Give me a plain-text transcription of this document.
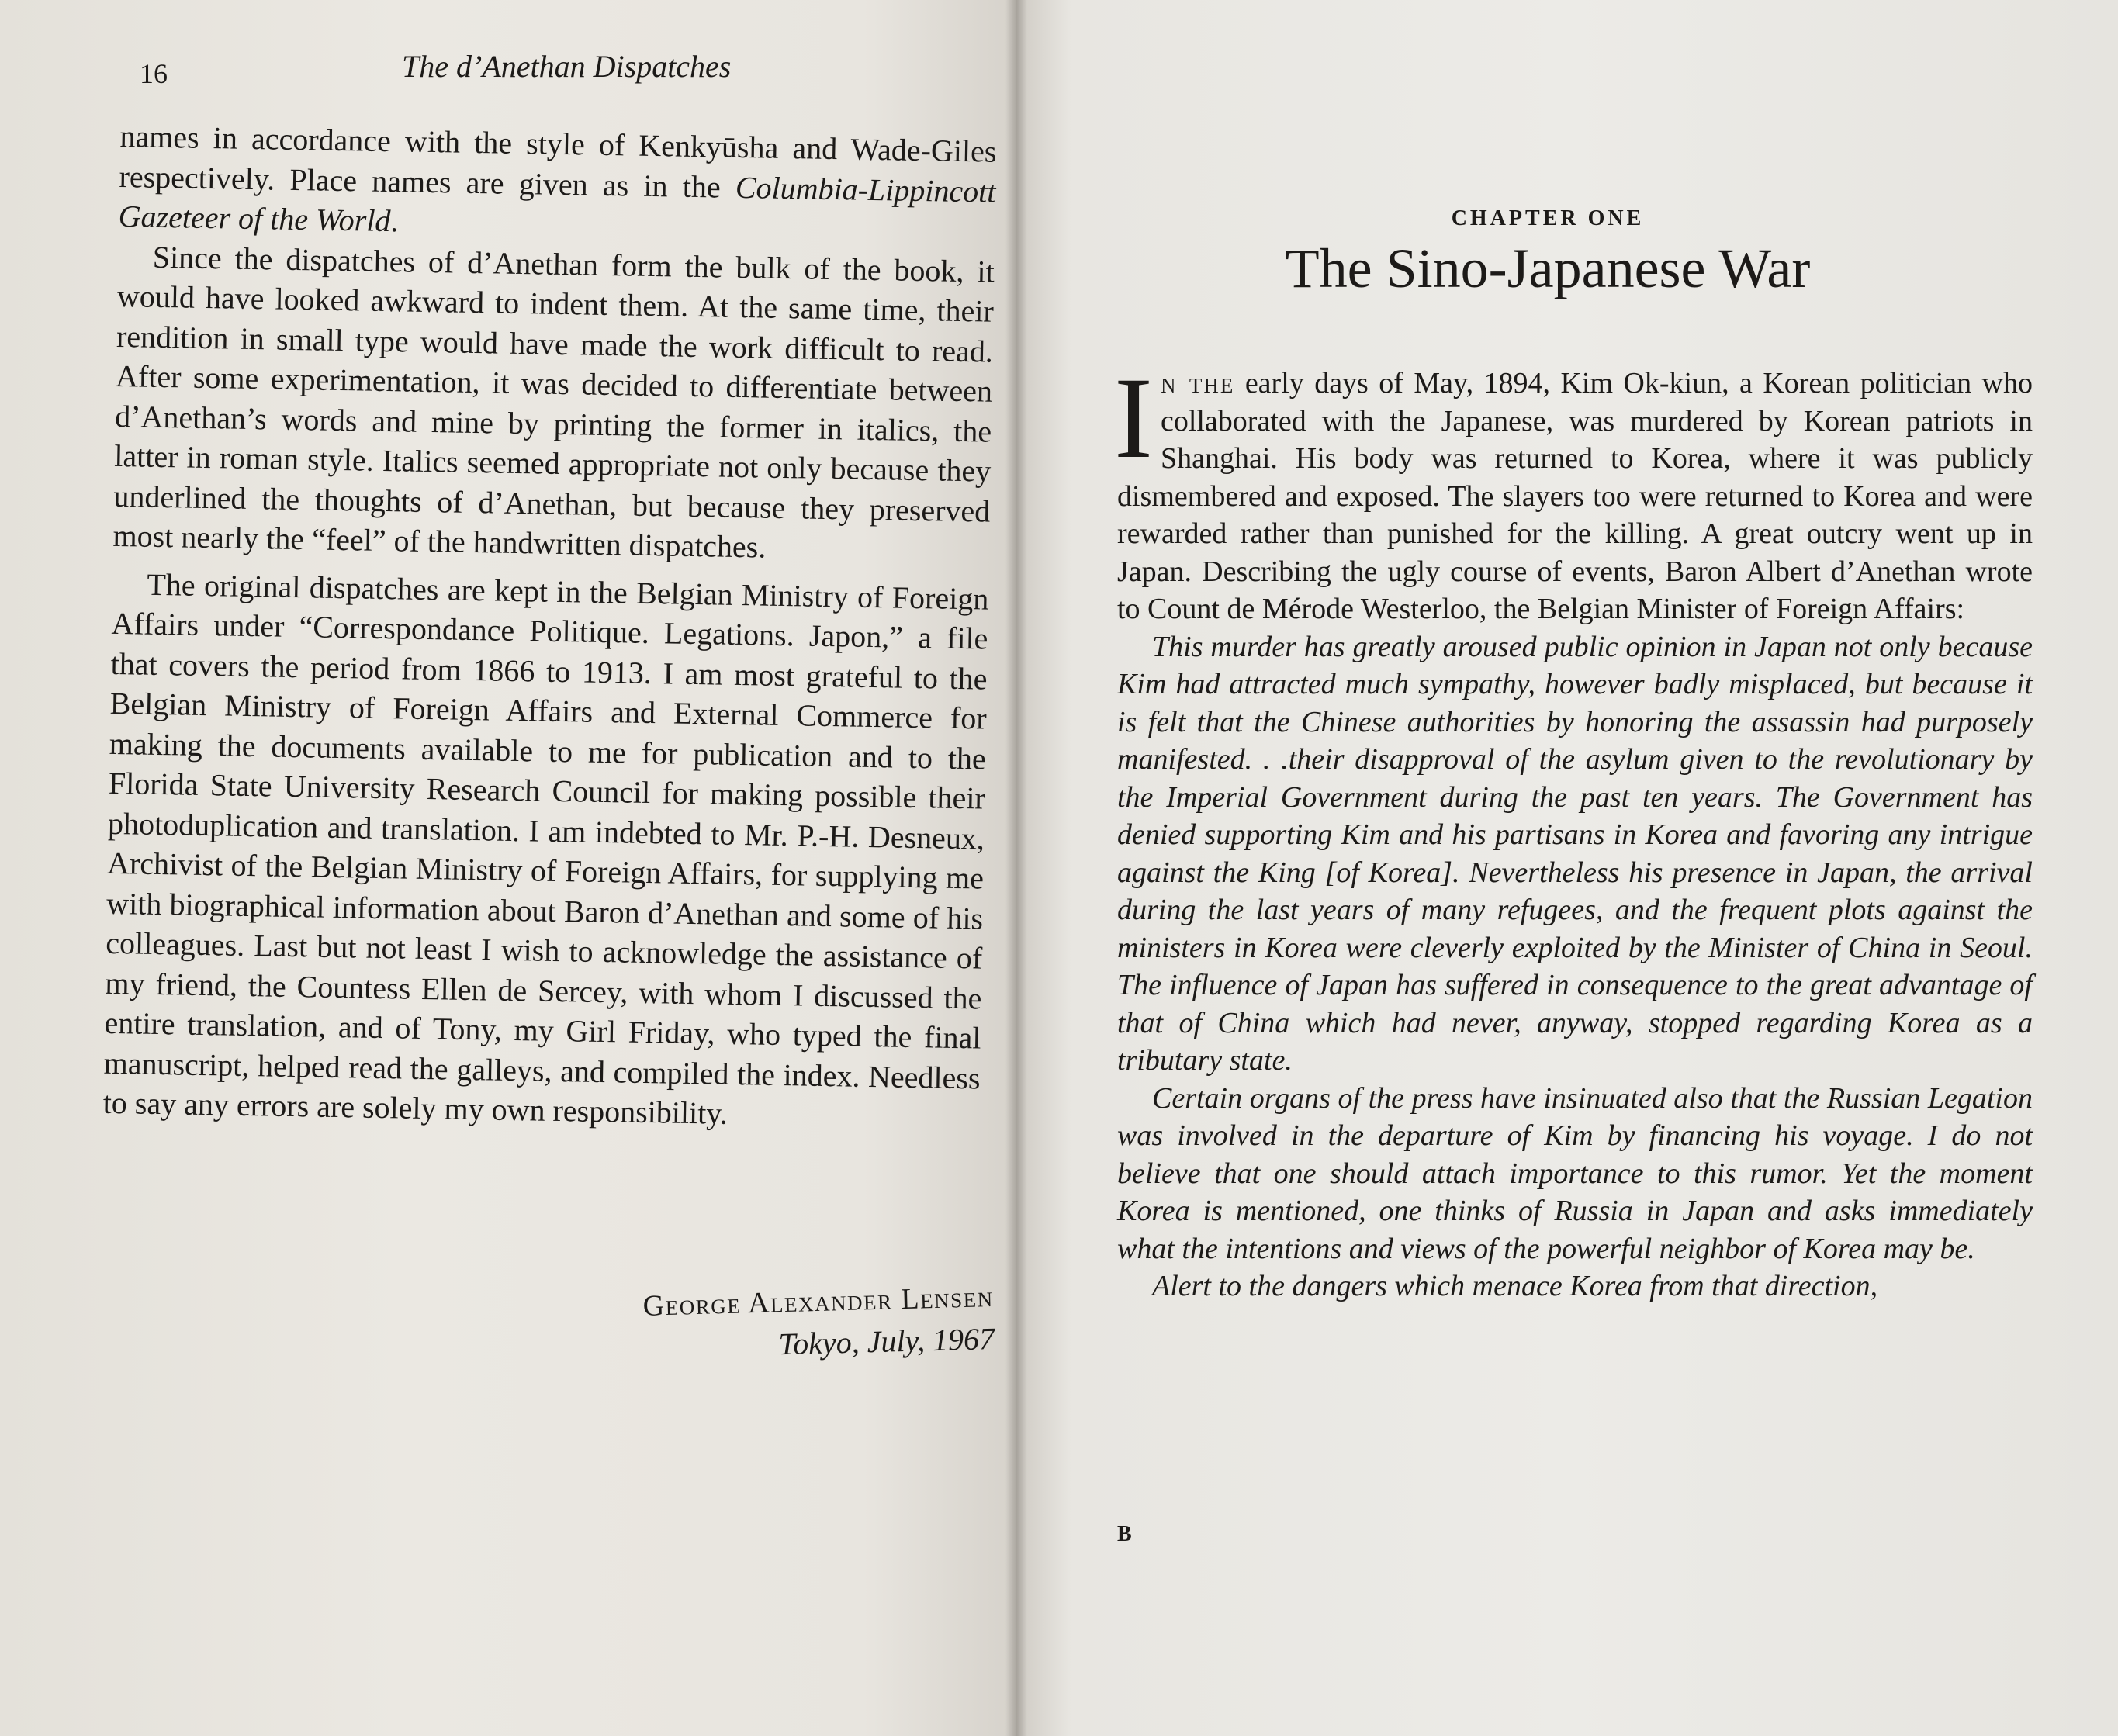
16	The d’Anethan Dispatches

names in accordance with the style of Kenkyūsha and Wade-Giles respectively. Place names are given as in the Columbia-Lippincott Gazeteer of the World.

Since the dispatches of d’Anethan form the bulk of the book, it would have looked awkward to indent them. At the same time, their rendition in small type would have made the work difficult to read. After some experimentation, it was decided to differentiate between d’Anethan’s words and mine by printing the former in italics, the latter in roman style. Italics seemed appropriate not only because they underlined the thoughts of d’Anethan, but because they preserved most nearly the “feel” of the handwritten dispatches.

The original dispatches are kept in the Belgian Ministry of Foreign Affairs under “Correspondance Politique. Legations. Japon,” a file that covers the period from 1866 to 1913. I am most grateful to the Belgian Ministry of Foreign Affairs and External Commerce for making the documents available to me for publication and to the Florida State University Research Council for making possible their photoduplication and translation. I am indebted to Mr. P.-H. Desneux, Archivist of the Belgian Ministry of Foreign Affairs, for supplying me with biographical information about Baron d’Anethan and some of his colleagues. Last but not least I wish to acknowledge the assistance of my friend, the Countess Ellen de Sercey, with whom I discussed the entire translation, and of Tony, my Girl Friday, who typed the final manuscript, helped read the galleys, and compiled the index. Needless to say any errors are solely my own responsibility.

George Alexander Lensen
Tokyo, July, 1967
CHAPTER ONE
The Sino-Japanese War

In the early days of May, 1894, Kim Ok-kiun, a Korean politician who collaborated with the Japanese, was murdered by Korean patriots in Shanghai. His body was returned to Korea, where it was publicly dismembered and exposed. The slayers too were returned to Korea and were rewarded rather than punished for the killing. A great outcry went up in Japan. Describing the ugly course of events, Baron Albert d’Anethan wrote to Count de Mérode Westerloo, the Belgian Minister of Foreign Affairs:

This murder has greatly aroused public opinion in Japan not only because Kim had attracted much sympathy, however badly misplaced, but because it is felt that the Chinese authorities by honoring the assassin had purposely manifested. . .their disapproval of the asylum given to the revolutionary by the Imperial Government during the past ten years. The Government has denied supporting Kim and his partisans in Korea and favoring any intrigue against the King [of Korea]. Nevertheless his presence in Japan, the arrival during the last years of many refugees, and the frequent plots against the ministers in Korea were cleverly exploited by the Minister of China in Seoul. The influence of Japan has suffered in consequence to the great advantage of that of China which had never, anyway, stopped regarding Korea as a tributary state.

Certain organs of the press have insinuated also that the Russian Legation was involved in the departure of Kim by financing his voyage. I do not believe that one should attach importance to this rumor. Yet the moment Korea is mentioned, one thinks of Russia in Japan and asks immediately what the intentions and views of the powerful neighbor of Korea may be.

Alert to the dangers which menace Korea from that direction,

B
